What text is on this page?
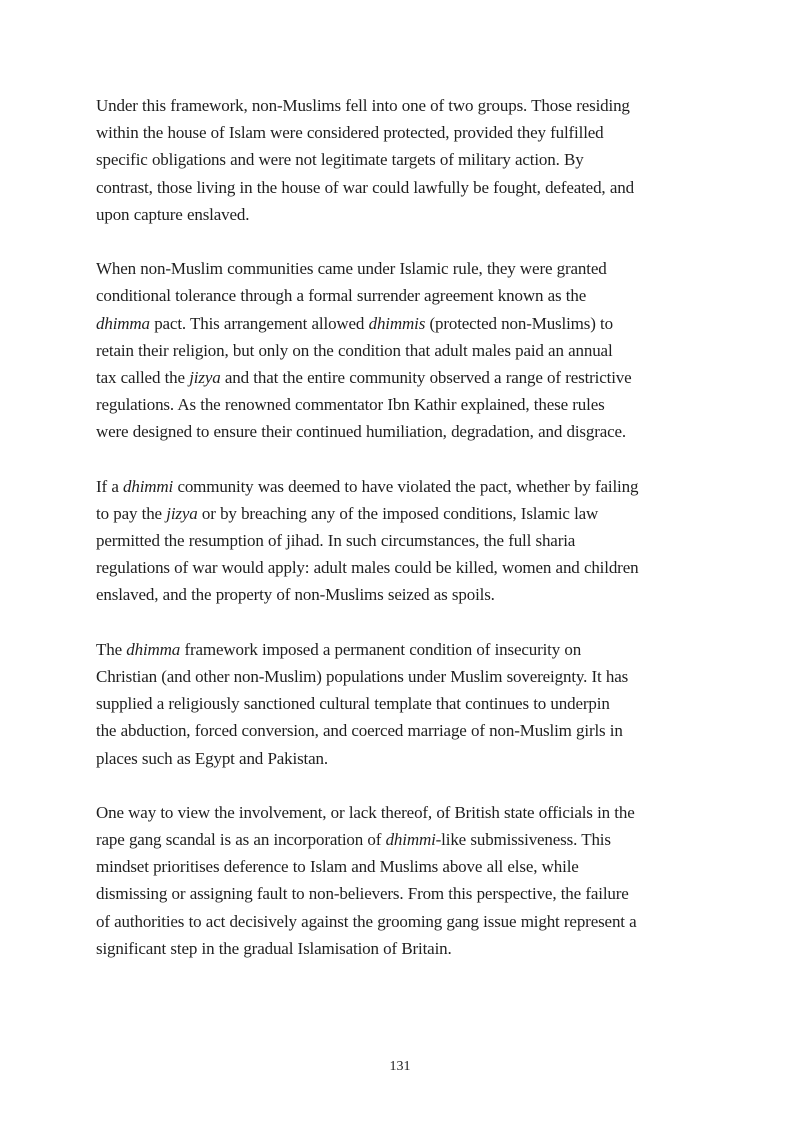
Under this framework, non-Muslims fell into one of two groups. Those residing
within the house of Islam were considered protected, provided they fulfilled
specific obligations and were not legitimate targets of military action. By
contrast, those living in the house of war could lawfully be fought, defeated, and
upon capture enslaved.

When non-Muslim communities came under Islamic rule, they were granted
conditional tolerance through a formal surrender agreement known as the
dhimma pact. This arrangement allowed dhimmis (protected non-Muslims) to
retain their religion, but only on the condition that adult males paid an annual
tax called the jizya and that the entire community observed a range of restrictive
regulations. As the renowned commentator Ibn Kathir explained, these rules
were designed to ensure their continued humiliation, degradation, and disgrace.

If a dhimmi community was deemed to have violated the pact, whether by failing
to pay the jizya or by breaching any of the imposed conditions, Islamic law
permitted the resumption of jihad. In such circumstances, the full sharia
regulations of war would apply: adult males could be killed, women and children
enslaved, and the property of non-Muslims seized as spoils.

The dhimma framework imposed a permanent condition of insecurity on
Christian (and other non-Muslim) populations under Muslim sovereignty. It has
supplied a religiously sanctioned cultural template that continues to underpin
the abduction, forced conversion, and coerced marriage of non-Muslim girls in
places such as Egypt and Pakistan.

One way to view the involvement, or lack thereof, of British state officials in the
rape gang scandal is as an incorporation of dhimmi-like submissiveness. This
mindset prioritises deference to Islam and Muslims above all else, while
dismissing or assigning fault to non-believers. From this perspective, the failure
of authorities to act decisively against the grooming gang issue might represent a
significant step in the gradual Islamisation of Britain.

131
